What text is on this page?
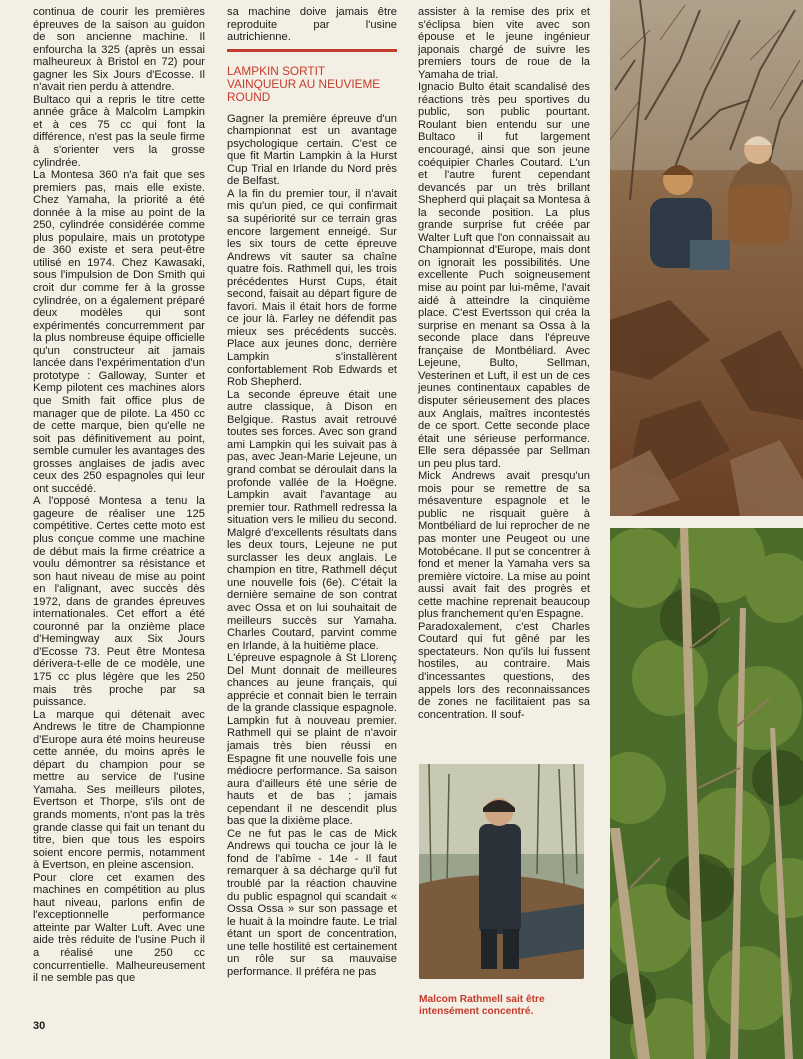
continua de courir les premières épreuves de la saison au guidon de son ancienne machine. Il enfourcha la 325 (après un essai malheureux à Bristol en 72) pour gagner les Six Jours d'Ecosse. Il n'avait rien perdu à attendre.

Bultaco qui a repris le titre cette année grâce à Malcolm Lampkin et à ces 75 cc qui font la différence, n'est pas la seule firme à s'orienter vers la grosse cylindrée.

La Montesa 360 n'a fait que ses premiers pas, mais elle existe. Chez Yamaha, la priorité a été donnée à la mise au point de la 250, cylindrée considérée comme plus populaire, mais un prototype de 360 existe et sera peut-être utilisé en 1974. Chez Kawasaki, sous l'impulsion de Don Smith qui croit dur comme fer à la grosse cylindrée, on a également préparé deux modèles qui sont expérimentés concurremment par la plus nombreuse équipe officielle qu'un constructeur ait jamais lancée dans l'expérimentation d'un prototype : Galloway, Sunter et Kemp pilotent ces machines alors que Smith fait office plus de manager que de pilote. La 450 cc de cette marque, bien qu'elle ne soit pas définitivement au point, semble cumuler les avantages des grosses anglaises de jadis avec ceux des 250 espagnoles qui leur ont succédé.

A l'opposé Montesa a tenu la gageure de réaliser une 125 compétitive. Certes cette moto est plus conçue comme une machine de début mais la firme créatrice a voulu démontrer sa résistance et son haut niveau de mise au point en l'alignant, avec succès dès 1972, dans de grandes épreuves internationales. Cet effort a été couronné par la onzième place d'Hemingway aux Six Jours d'Ecosse 73. Peut être Montesa dérivera-t-elle de ce modèle, une 175 cc plus légère que les 250 mais très proche par sa puissance.

La marque qui détenait avec Andrews le titre de Championne d'Europe aura été moins heureuse cette année, du moins après le départ du champion pour se mettre au service de l'usine Yamaha. Ses meilleurs pilotes, Evertson et Thorpe, s'ils ont de grands moments, n'ont pas la très grande classe qui fait un tenant du titre, bien que tous les espoirs soient encore permis, notamment à Evertson, en pleine ascension.

Pour clore cet examen des machines en compétition au plus haut niveau, parlons enfin de l'exceptionnelle performance atteinte par Walter Luft. Avec une aide très réduite de l'usine Puch il a réalisé une 250 cc concurrentielle. Malheureusement il ne semble pas que

sa machine doive jamais être reproduite par l'usine autrichienne.

LAMPKIN SORTIT VAINQUEUR AU NEUVIEME ROUND

Gagner la première épreuve d'un championnat est un avantage psychologique certain. C'est ce que fit Martin Lampkin à la Hurst Cup Trial en Irlande du Nord près de Belfast.

A la fin du premier tour, il n'avait mis qu'un pied, ce qui confirmait sa supériorité sur ce terrain gras encore largement enneigé. Sur les six tours de cette épreuve Andrews vit sauter sa chaîne quatre fois. Rathmell qui, les trois précédentes Hurst Cups, était second, faisait au départ figure de favori. Mais il était hors de forme ce jour là. Farley ne défendit pas mieux ses précédents succès. Place aux jeunes donc, derrière Lampkin s'installèrent confortablement Rob Edwards et Rob Shepherd.

La seconde épreuve était une autre classique, à Dison en Belgique. Rastus avait retrouvé toutes ses forces. Avec son grand ami Lampkin qui les suivait pas à pas, avec Jean-Marie Lejeune, un grand combat se déroulait dans la profonde vallée de la Hoëgne. Lampkin avait l'avantage au premier tour. Rathmell redressa la situation vers le milieu du second. Malgré d'excellents résultats dans les deux tours, Lejeune ne put surclasser les deux anglais. Le champion en titre, Rathmell déçut une nouvelle fois (6e). C'était la dernière semaine de son contrat avec Ossa et on lui souhaitait de meilleurs succès sur Yamaha. Charles Coutard, parvint comme en Irlande, à la huitième place.

L'épreuve espagnole à St Llorenç Del Munt donnait de meilleures chances au jeune français, qui apprécie et connait bien le terrain de la grande classique espagnole. Lampkin fut à nouveau premier. Rathmell qui se plaint de n'avoir jamais très bien réussi en Espagne fit une nouvelle fois une médiocre performance. Sa saison aura d'ailleurs été une série de hauts et de bas ; jamais cependant il ne descendit plus bas que la dixième place.

Ce ne fut pas le cas de Mick Andrews qui toucha ce jour là le fond de l'abîme - 14e - Il faut remarquer à sa décharge qu'il fut troublé par la réaction chauvine du public espagnol qui scandait « Ossa Ossa » sur son passage et le huait à la moindre faute. Le trial étant un sport de concentration, une telle hostilité est certainement un rôle sur sa mauvaise performance. Il préféra ne pas

assister à la remise des prix et s'éclipsa bien vite avec son épouse et le jeune ingénieur japonais chargé de suivre les premiers tours de roue de la Yamaha de trial.

Ignacio Bulto était scandalisé des réactions très peu sportives du public, son public pourtant. Roulant bien entendu sur une Bultaco il fut largement encouragé, ainsi que son jeune coéquipier Charles Coutard. L'un et l'autre furent cependant devancés par un très brillant Shepherd qui plaçait sa Montesa à la seconde position. La plus grande surprise fut créée par Walter Luft que l'on connaissait au Championnat d'Europe, mais dont on ignorait les possibilités. Une excellente Puch soigneusement mise au point par lui-même, l'avait aidé à atteindre la cinquième place. C'est Evertsson qui créa la surprise en menant sa Ossa à la seconde place dans l'épreuve française de Montbéliard. Avec Lejeune, Bulto, Sellman, Vesterinen et Luft, il est un de ces jeunes continentaux capables de disputer sérieusement des places aux Anglais, maîtres incontestés de ce sport. Cette seconde place était une sérieuse performance. Elle sera dépassée par Sellman un peu plus tard.

Mick Andrews avait presqu'un mois pour se remettre de sa mésaventure espagnole et le public ne risquait guère à Montbéliard de lui reprocher de ne pas monter une Peugeot ou une Motobécane. Il put se concentrer à fond et mener la Yamaha vers sa première victoire. La mise au point aussi avait fait des progrès et cette machine reprenait beaucoup plus franchement qu'en Espagne.

Paradoxalement, c'est Charles Coutard qui fut gêné par les spectateurs. Non qu'ils lui fussent hostiles, au contraire. Mais d'incessantes questions, des appels lors des reconnaissances de zones ne facilitaient pas sa concentration. Il souf-

30
Malcom Rathmell sait être intensément concentré.
